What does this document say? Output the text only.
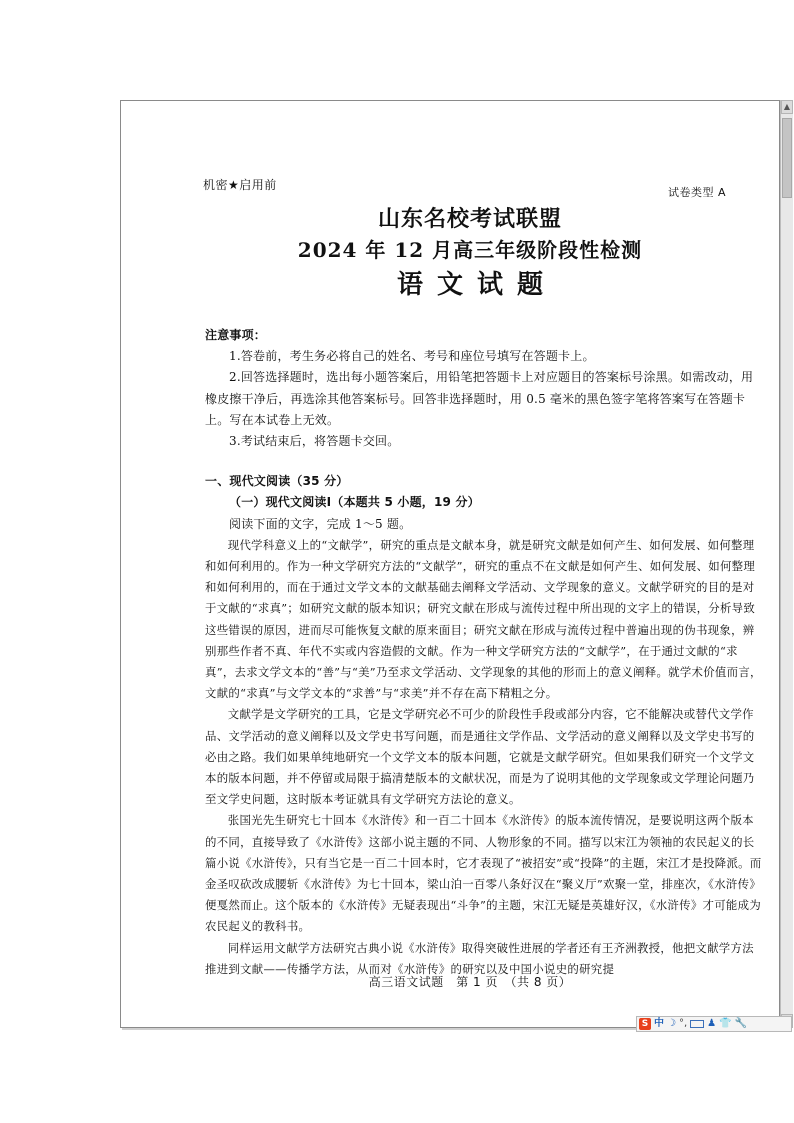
▲
机密★启用前
试卷类型 A
山东名校考试联盟
2024 年 12 月高三年级阶段性检测
语文试题

注意事项：

1.答卷前，考生务必将自己的姓名、考号和座位号填写在答题卡上。

2.回答选择题时，选出每小题答案后，用铅笔把答题卡上对应题目的答案标号涂黑。如需改动，用橡皮擦干净后，再选涂其他答案标号。回答非选择题时，用 0.5 毫米的黑色签字笔将答案写在答题卡上。写在本试卷上无效。

3.考试结束后，将答题卡交回。

一、现代文阅读（35 分）

（一）现代文阅读Ⅰ（本题共 5 小题，19 分）

阅读下面的文字，完成 1～5 题。

现代学科意义上的“文献学”，研究的重点是文献本身，就是研究文献是如何产生、如何发展、如何整理和如何利用的。作为一种文学研究方法的“文献学”，研究的重点不在文献是如何产生、如何发展、如何整理和如何利用的，而在于通过文学文本的文献基础去阐释文学活动、文学现象的意义。文献学研究的目的是对于文献的“求真”；如研究文献的版本知识；研究文献在形成与流传过程中所出现的文字上的错误，分析导致这些错误的原因，进而尽可能恢复文献的原来面目；研究文献在形成与流传过程中普遍出现的伪书现象，辨别那些作者不真、年代不实或内容造假的文献。作为一种文学研究方法的“文献学”，在于通过文献的“求真”，去求文学文本的“善”与“美”乃至求文学活动、文学现象的其他的形而上的意义阐释。就学术价值而言，文献的“求真”与文学文本的“求善”与“求美”并不存在高下精粗之分。

文献学是文学研究的工具，它是文学研究必不可少的阶段性手段或部分内容，它不能解决或替代文学作品、文学活动的意义阐释以及文学史书写问题，而是通往文学作品、文学活动的意义阐释以及文学史书写的必由之路。我们如果单纯地研究一个文学文本的版本问题，它就是文献学研究。但如果我们研究一个文学文本的版本问题，并不停留或局限于搞清楚版本的文献状况，而是为了说明其他的文学现象或文学理论问题乃至文学史问题，这时版本考证就具有文学研究方法论的意义。

张国光先生研究七十回本《水浒传》和一百二十回本《水浒传》的版本流传情况，是要说明这两个版本的不同，直接导致了《水浒传》这部小说主题的不同、人物形象的不同。描写以宋江为领袖的农民起义的长篇小说《水浒传》，只有当它是一百二十回本时，它才表现了“被招安”或“投降”的主题，宋江才是投降派。而金圣叹砍改成腰斩《水浒传》为七十回本，梁山泊一百零八条好汉在“聚义厅”欢聚一堂，排座次，《水浒传》便戛然而止。这个版本的《水浒传》无疑表现出“斗争”的主题，宋江无疑是英雄好汉，《水浒传》才可能成为农民起义的教科书。

同样运用文献学方法研究古典小说《水浒传》取得突破性进展的学者还有王齐洲教授，他把文献学方法推进到文献——传播学方法，从而对《水浒传》的研究以及中国小说史的研究提

高三语文试题　第 1 页　（共 8 页）
S 中 ☽ °, ♟ 👕 🔧
